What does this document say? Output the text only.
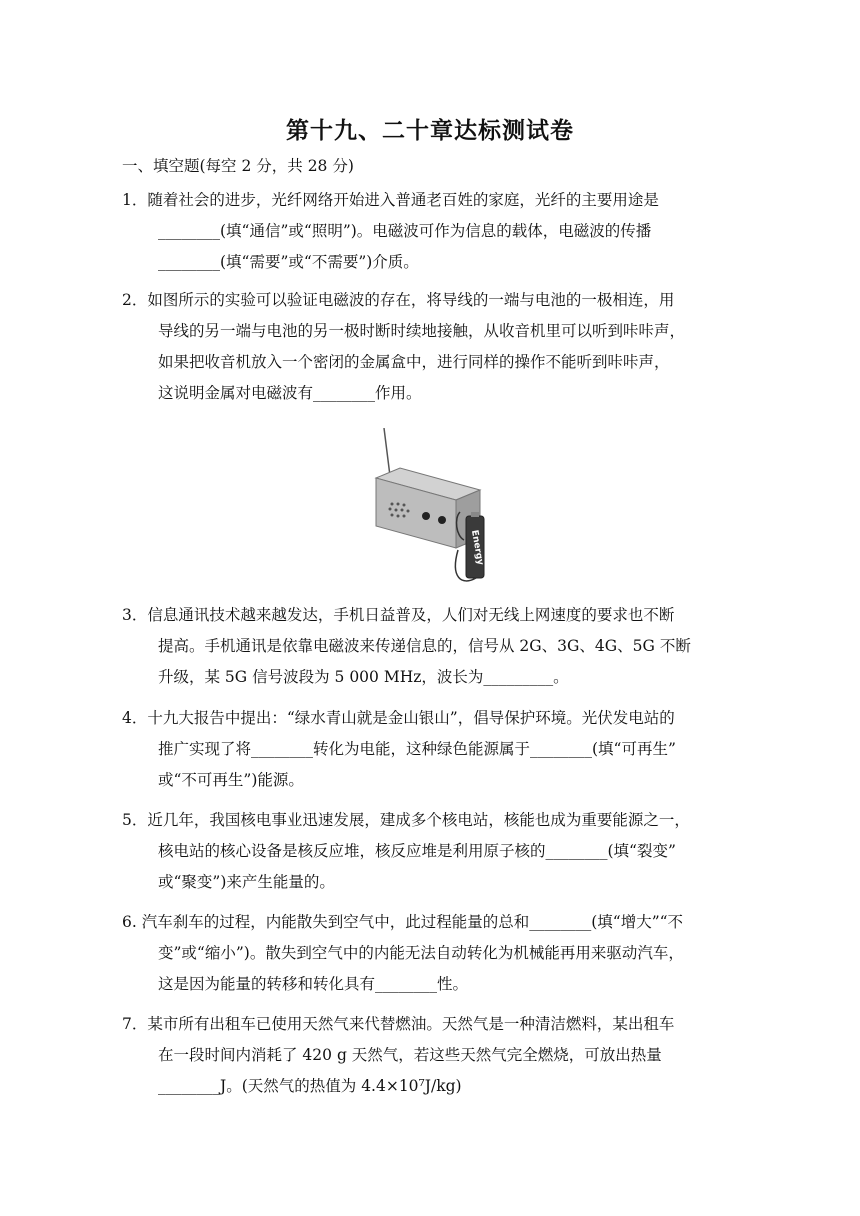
第十九、二十章达标测试卷
一、填空题(每空 2 分，共 28 分)
1．随着社会的进步，光纤网络开始进入普通老百姓的家庭，光纤的主要用途是
________(填“通信”或“照明”)。电磁波可作为信息的载体，电磁波的传播
________(填“需要”或“不需要”)介质。
2．如图所示的实验可以验证电磁波的存在，将导线的一端与电池的一极相连，用
导线的另一端与电池的另一极时断时续地接触，从收音机里可以听到咔咔声，
如果把收音机放入一个密闭的金属盒中，进行同样的操作不能听到咔咔声，
这说明金属对电磁波有________作用。
Energy
3．信息通讯技术越来越发达，手机日益普及，人们对无线上网速度的要求也不断
提高。手机通讯是依靠电磁波来传递信息的，信号从 2G、3G、4G、5G 不断
升级，某 5G 信号波段为 5 000 MHz，波长为_________。
4．十九大报告中提出：“绿水青山就是金山银山”，倡导保护环境。光伏发电站的
推广实现了将________转化为电能，这种绿色能源属于________(填“可再生”
或“不可再生”)能源。
5．近几年，我国核电事业迅速发展，建成多个核电站，核能也成为重要能源之一，
核电站的核心设备是核反应堆，核反应堆是利用原子核的________(填“裂变”
或“聚变”)来产生能量的。
6. 汽车刹车的过程，内能散失到空气中，此过程能量的总和________(填“增大”“不
变”或“缩小”)。散失到空气中的内能无法自动转化为机械能再用来驱动汽车，
这是因为能量的转移和转化具有________性。
7．某市所有出租车已使用天然气来代替燃油。天然气是一种清洁燃料，某出租车
在一段时间内消耗了 420 g 天然气，若这些天然气完全燃烧，可放出热量
________J。(天然气的热值为 4.4×10⁷J/kg)
